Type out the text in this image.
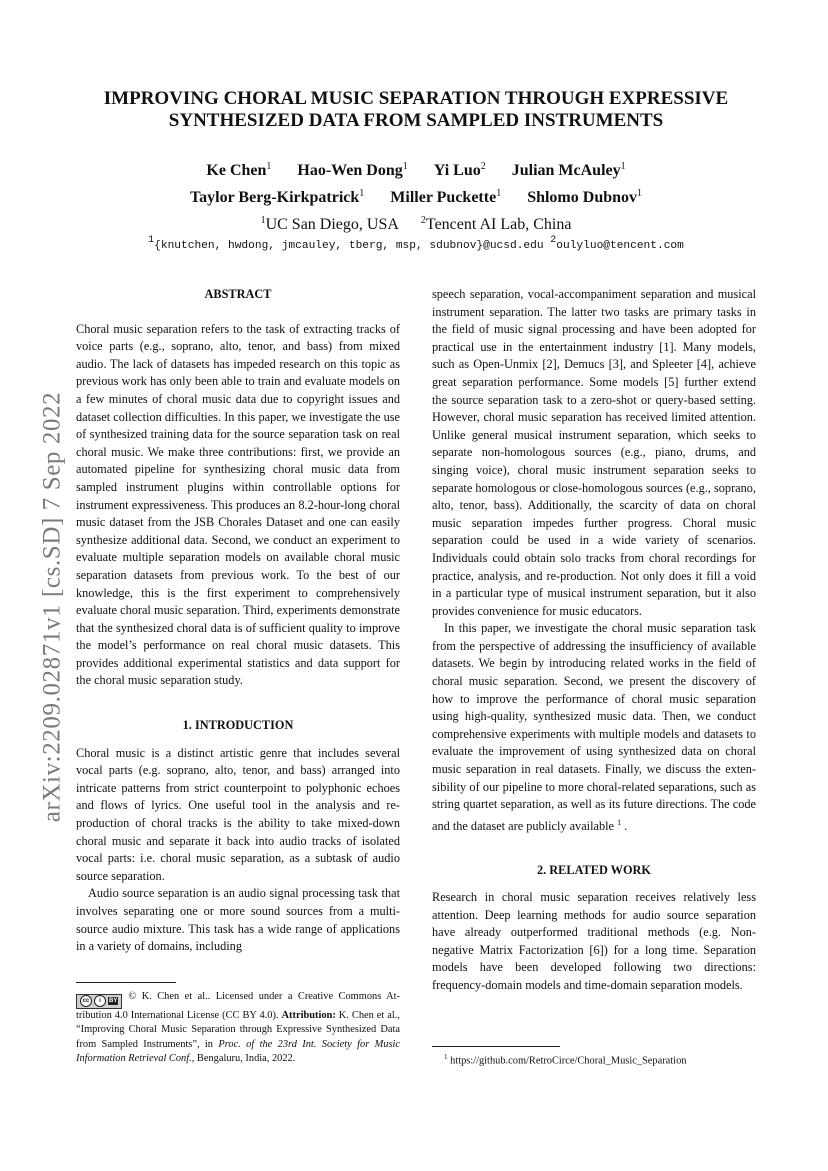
arXiv:2209.02871v1 [cs.SD] 7 Sep 2022
IMPROVING CHORAL MUSIC SEPARATION THROUGH EXPRESSIVE
SYNTHESIZED DATA FROM SAMPLED INSTRUMENTS
Ke Chen$^1$ Hao-Wen Dong$^1$ Yi Luo$^2$ Julian McAuley$^1$
Taylor Berg-Kirkpatrick$^1$ Miller Puckette$^1$ Shlomo Dubnov$^1$
$^1$UC San Diego, USA $^2$Tencent AI Lab, China
$^1${knutchen, hwdong, jmcauley, tberg, msp, sdubnov}@ucsd.edu $^2$oulyluo@tencent.com
ABSTRACT

Choral music separation refers to the task of extracting tracks of voice parts (e.g., soprano, alto, tenor, and bass) from mixed audio. The lack of datasets has impeded research on this topic as previous work has only been able to train and evaluate models on a few minutes of choral music data due to copyright issues and dataset collection difficulties. In this paper, we investigate the use of synthesized training data for the source separation task on real choral music. We make three contributions: first, we provide an automated pipeline for synthesizing choral music data from sampled instrument plugins within controllable options for instrument expressiveness. This produces an 8.2-hour-long choral music dataset from the JSB Chorales Dataset and one can easily synthesize additional data. Second, we conduct an experiment to evaluate multiple separation models on available choral music separation datasets from previous work. To the best of our knowledge, this is the first experiment to comprehensively evaluate choral music separation. Third, experiments demonstrate that the synthesized choral data is of sufficient quality to improve the model’s performance on real choral music datasets. This provides additional experimental statistics and data support for the choral music separation study.

1. INTRODUCTION

Choral music is a distinct artistic genre that includes several vocal parts (e.g. soprano, alto, tenor, and bass) arranged into intricate patterns from strict counterpoint to polyphonic echoes and flows of lyrics. One useful tool in the analysis and re-production of choral tracks is the ability to take mixed-down choral music and separate it back into audio tracks of isolated vocal parts: i.e. choral music separation, as a subtask of audio source separation.

Audio source separation is an audio signal processing task that involves separating one or more sound sources from a multi-source audio mixture. This task has a wide range of applications in a variety of domains, including

cc	i	BY © K. Chen et al.. Licensed under a Creative Commons Attribution 4.0 International License (CC BY 4.0). Attribution: K. Chen et al., “Improving Choral Music Separation through Expressive Synthesized Data from Sampled Instruments”, in Proc. of the 23rd Int. Society for Music Information Retrieval Conf., Bengaluru, India, 2022.

speech separation, vocal-accompaniment separation and musical instrument separation. The latter two tasks are primary tasks in the field of music signal processing and have been adopted for practical use in the entertainment industry [1]. Many models, such as Open-Unmix [2], Demucs [3], and Spleeter [4], achieve great separation performance. Some models [5] further extend the source separation task to a zero-shot or query-based setting. However, choral music separation has received limited attention. Unlike general musical instrument separation, which seeks to separate non-homologous sources (e.g., piano, drums, and singing voice), choral music instrument separation seeks to separate homologous or close-homologous sources (e.g., soprano, alto, tenor, bass). Additionally, the scarcity of data on choral music separation impedes further progress. Choral music separation could be used in a wide variety of scenarios. Individuals could obtain solo tracks from choral recordings for practice, analysis, and re-production. Not only does it fill a void in a particular type of musical instrument separation, but it also provides convenience for music educators.

In this paper, we investigate the choral music separation task from the perspective of addressing the insufficiency of available datasets. We begin by introducing related works in the field of choral music separation. Second, we present the discovery of how to improve the performance of choral music separation using high-quality, synthesized music data. Then, we conduct comprehensive experiments with multiple models and datasets to evaluate the improvement of using synthesized data on choral music separation in real datasets. Finally, we discuss the extensibility of our pipeline to more choral-related separations, such as string quartet separation, as well as its future directions. The code and the dataset are publicly available $^1$ .

2. RELATED WORK

Research in choral music separation receives relatively less attention. Deep learning methods for audio source separation have already outperformed traditional methods (e.g. Non-negative Matrix Factorization [6]) for a long time. Separation models have been developed following two directions: frequency-domain models and time-domain separation models.

$^1$ https://github.com/RetroCirce/Choral_Music_Separation
